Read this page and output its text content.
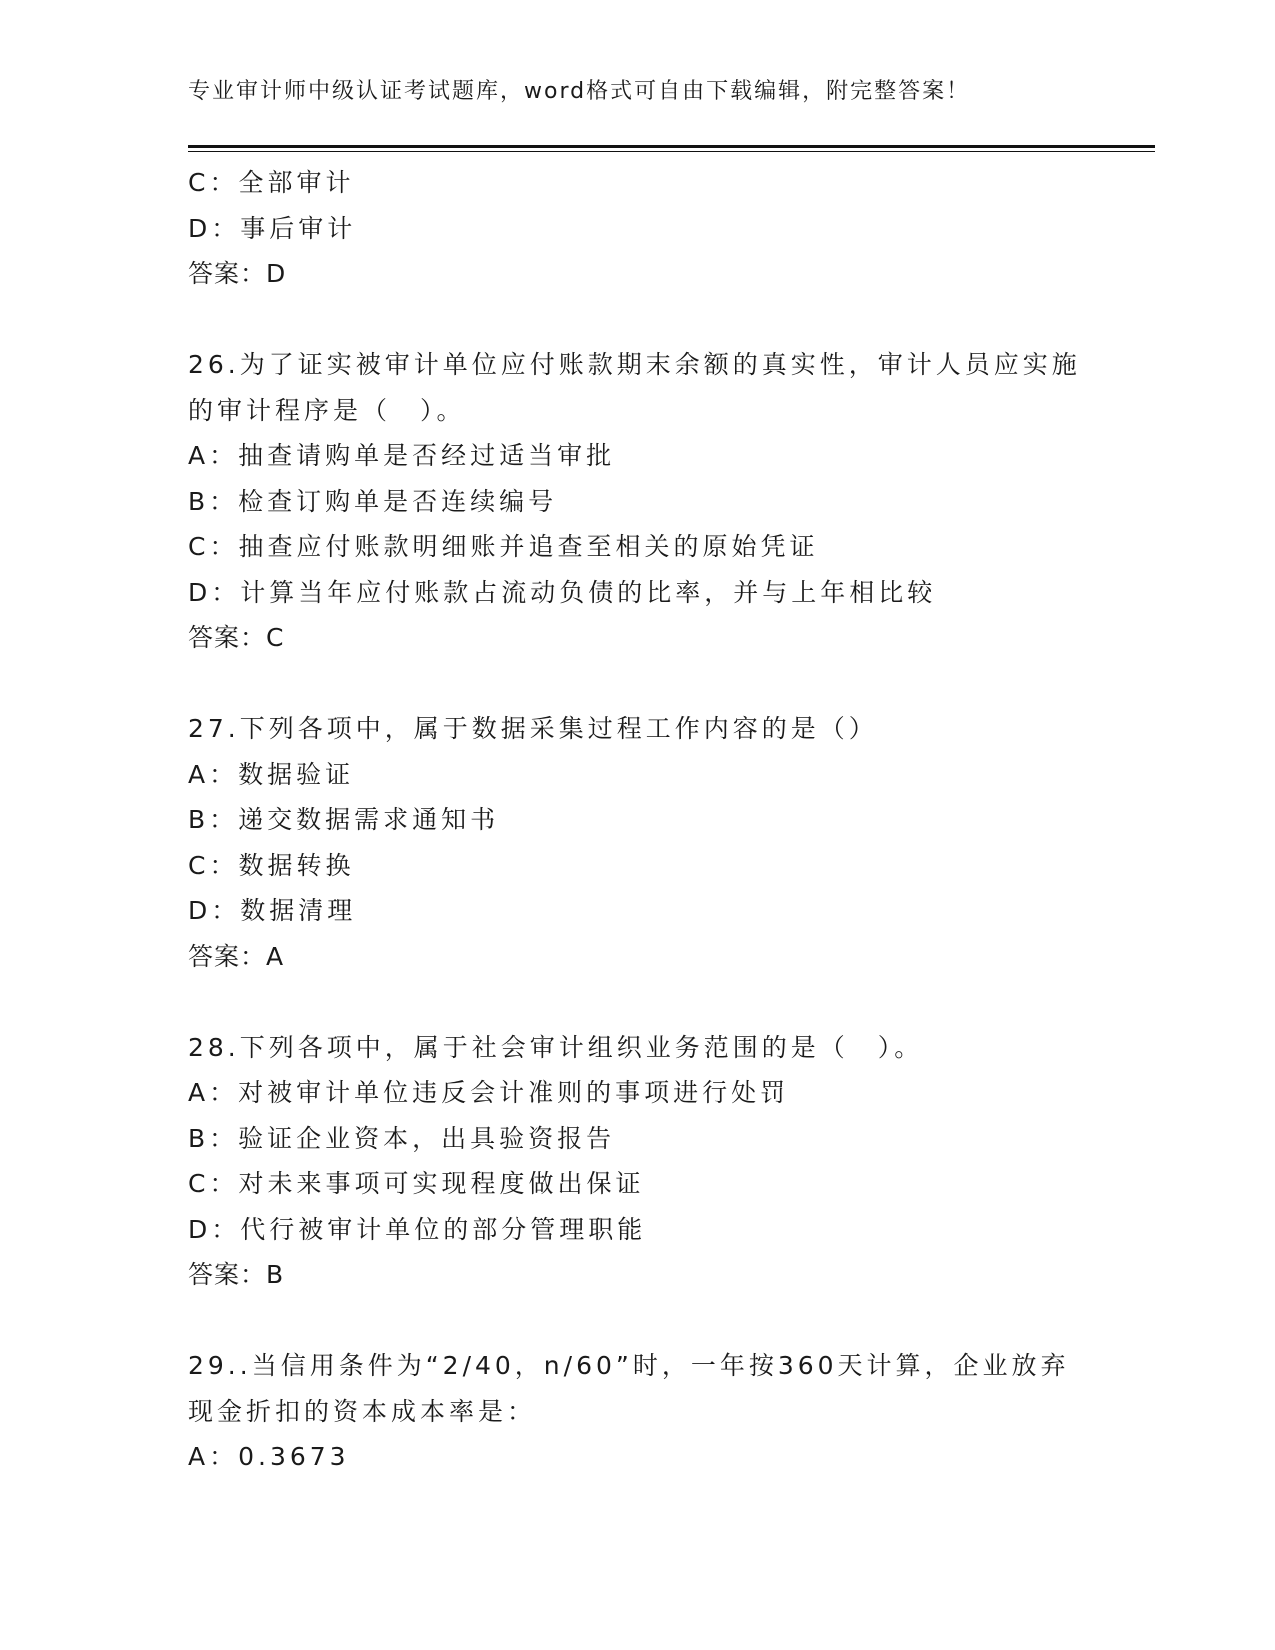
专业审计师中级认证考试题库，word格式可自由下载编辑，附完整答案！
C：全部审计
D：事后审计
答案：D
26.为了证实被审计单位应付账款期末余额的真实性，审计人员应实施
的审计程序是（　）。
A：抽查请购单是否经过适当审批
B：检查订购单是否连续编号
C：抽查应付账款明细账并追查至相关的原始凭证
D：计算当年应付账款占流动负债的比率，并与上年相比较
答案：C
27.下列各项中，属于数据采集过程工作内容的是（）
A：数据验证
B：递交数据需求通知书
C：数据转换
D：数据清理
答案：A
28.下列各项中，属于社会审计组织业务范围的是（　）。
A：对被审计单位违反会计准则的事项进行处罚
B：验证企业资本，出具验资报告
C：对未来事项可实现程度做出保证
D：代行被审计单位的部分管理职能
答案：B
29..当信用条件为“2/40，n/60”时，一年按360天计算，企业放弃
现金折扣的资本成本率是：
A：0.3673
